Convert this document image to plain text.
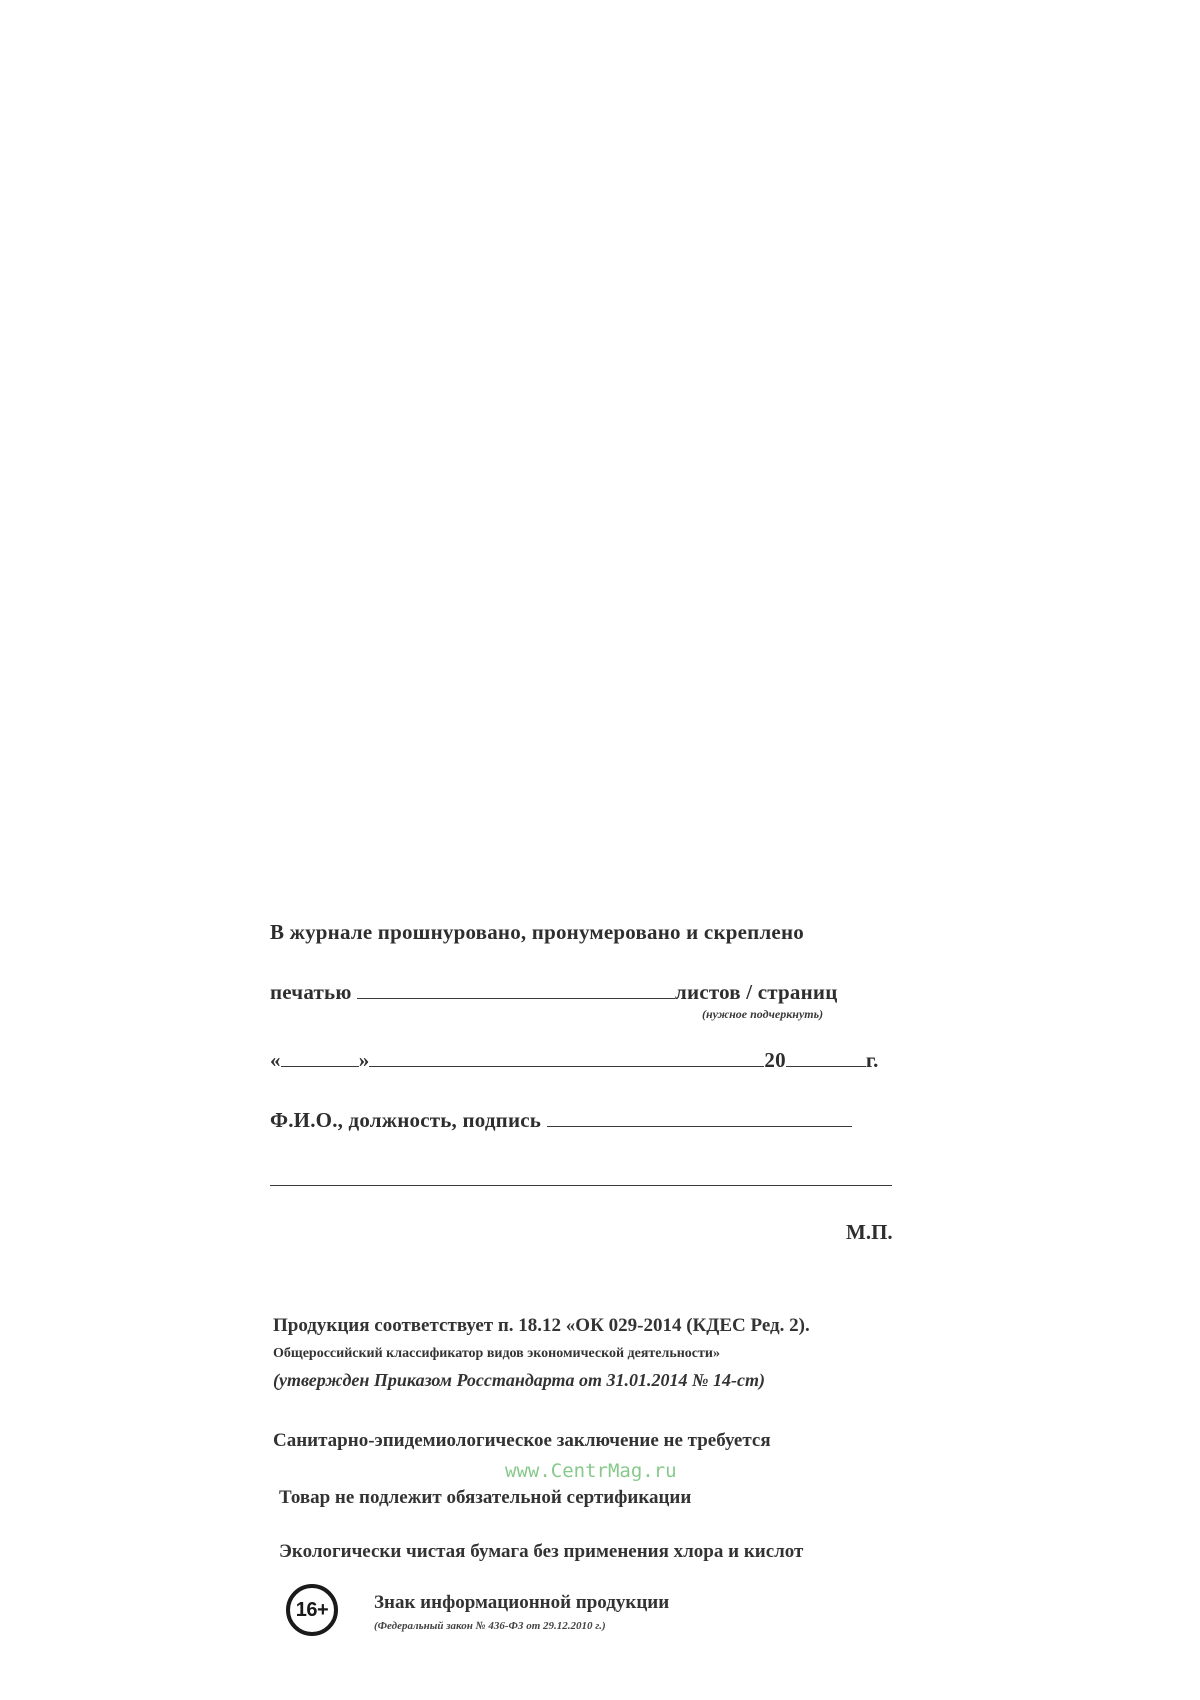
В журнале прошнуровано, пронумеровано и скреплено
печатью	листов / страниц
(нужное подчеркнуть)
«	»	20	г.
Ф.И.О., должность, подпись
М.П.
Продукция соответствует п. 18.12 «ОК 029-2014 (КДЕС Ред. 2).
Общероссийский классификатор видов экономической деятельности»
(утвержден Приказом Росстандарта от 31.01.2014 № 14-ст)
Санитарно-эпидемиологическое заключение не требуется
www.CentrMag.ru
Товар не подлежит обязательной сертификации
Экологически чистая бумага без применения хлора и кислот
16+	Знак информационной продукции
(Федеральный закон № 436-ФЗ от 29.12.2010 г.)
